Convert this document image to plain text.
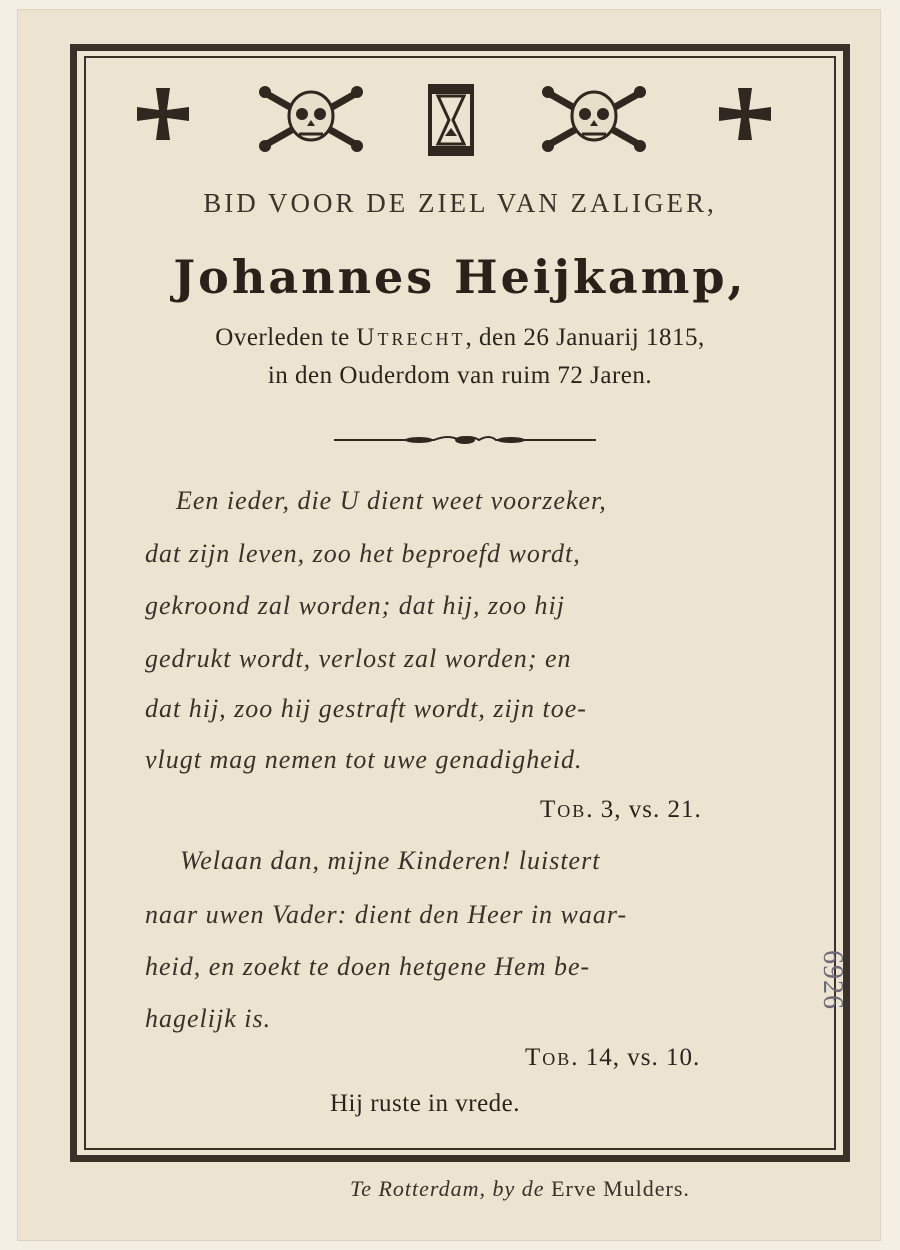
BID VOOR DE ZIEL VAN ZALIGER,
Johannes Heijkamp,
Overleden te Utrecht, den 26 Januarij 1815,
in den Ouderdom van ruim 72 Jaren.
Een ieder, die U dient weet voorzeker,
dat zijn leven, zoo het beproefd wordt,
gekroond zal worden; dat hij, zoo hij
gedrukt wordt, verlost zal worden; en
dat hij, zoo hij gestraft wordt, zijn toe-
vlugt mag nemen tot uwe genadigheid.
Tob. 3, vs. 21.
Welaan dan, mijne Kinderen! luistert
naar uwen Vader: dient den Heer in waar-
heid, en zoekt te doen hetgene Hem be-
hagelijk is.
Tob. 14, vs. 10.
Hij ruste in vrede.
Te Rotterdam, by de Erve Mulders.
6926
